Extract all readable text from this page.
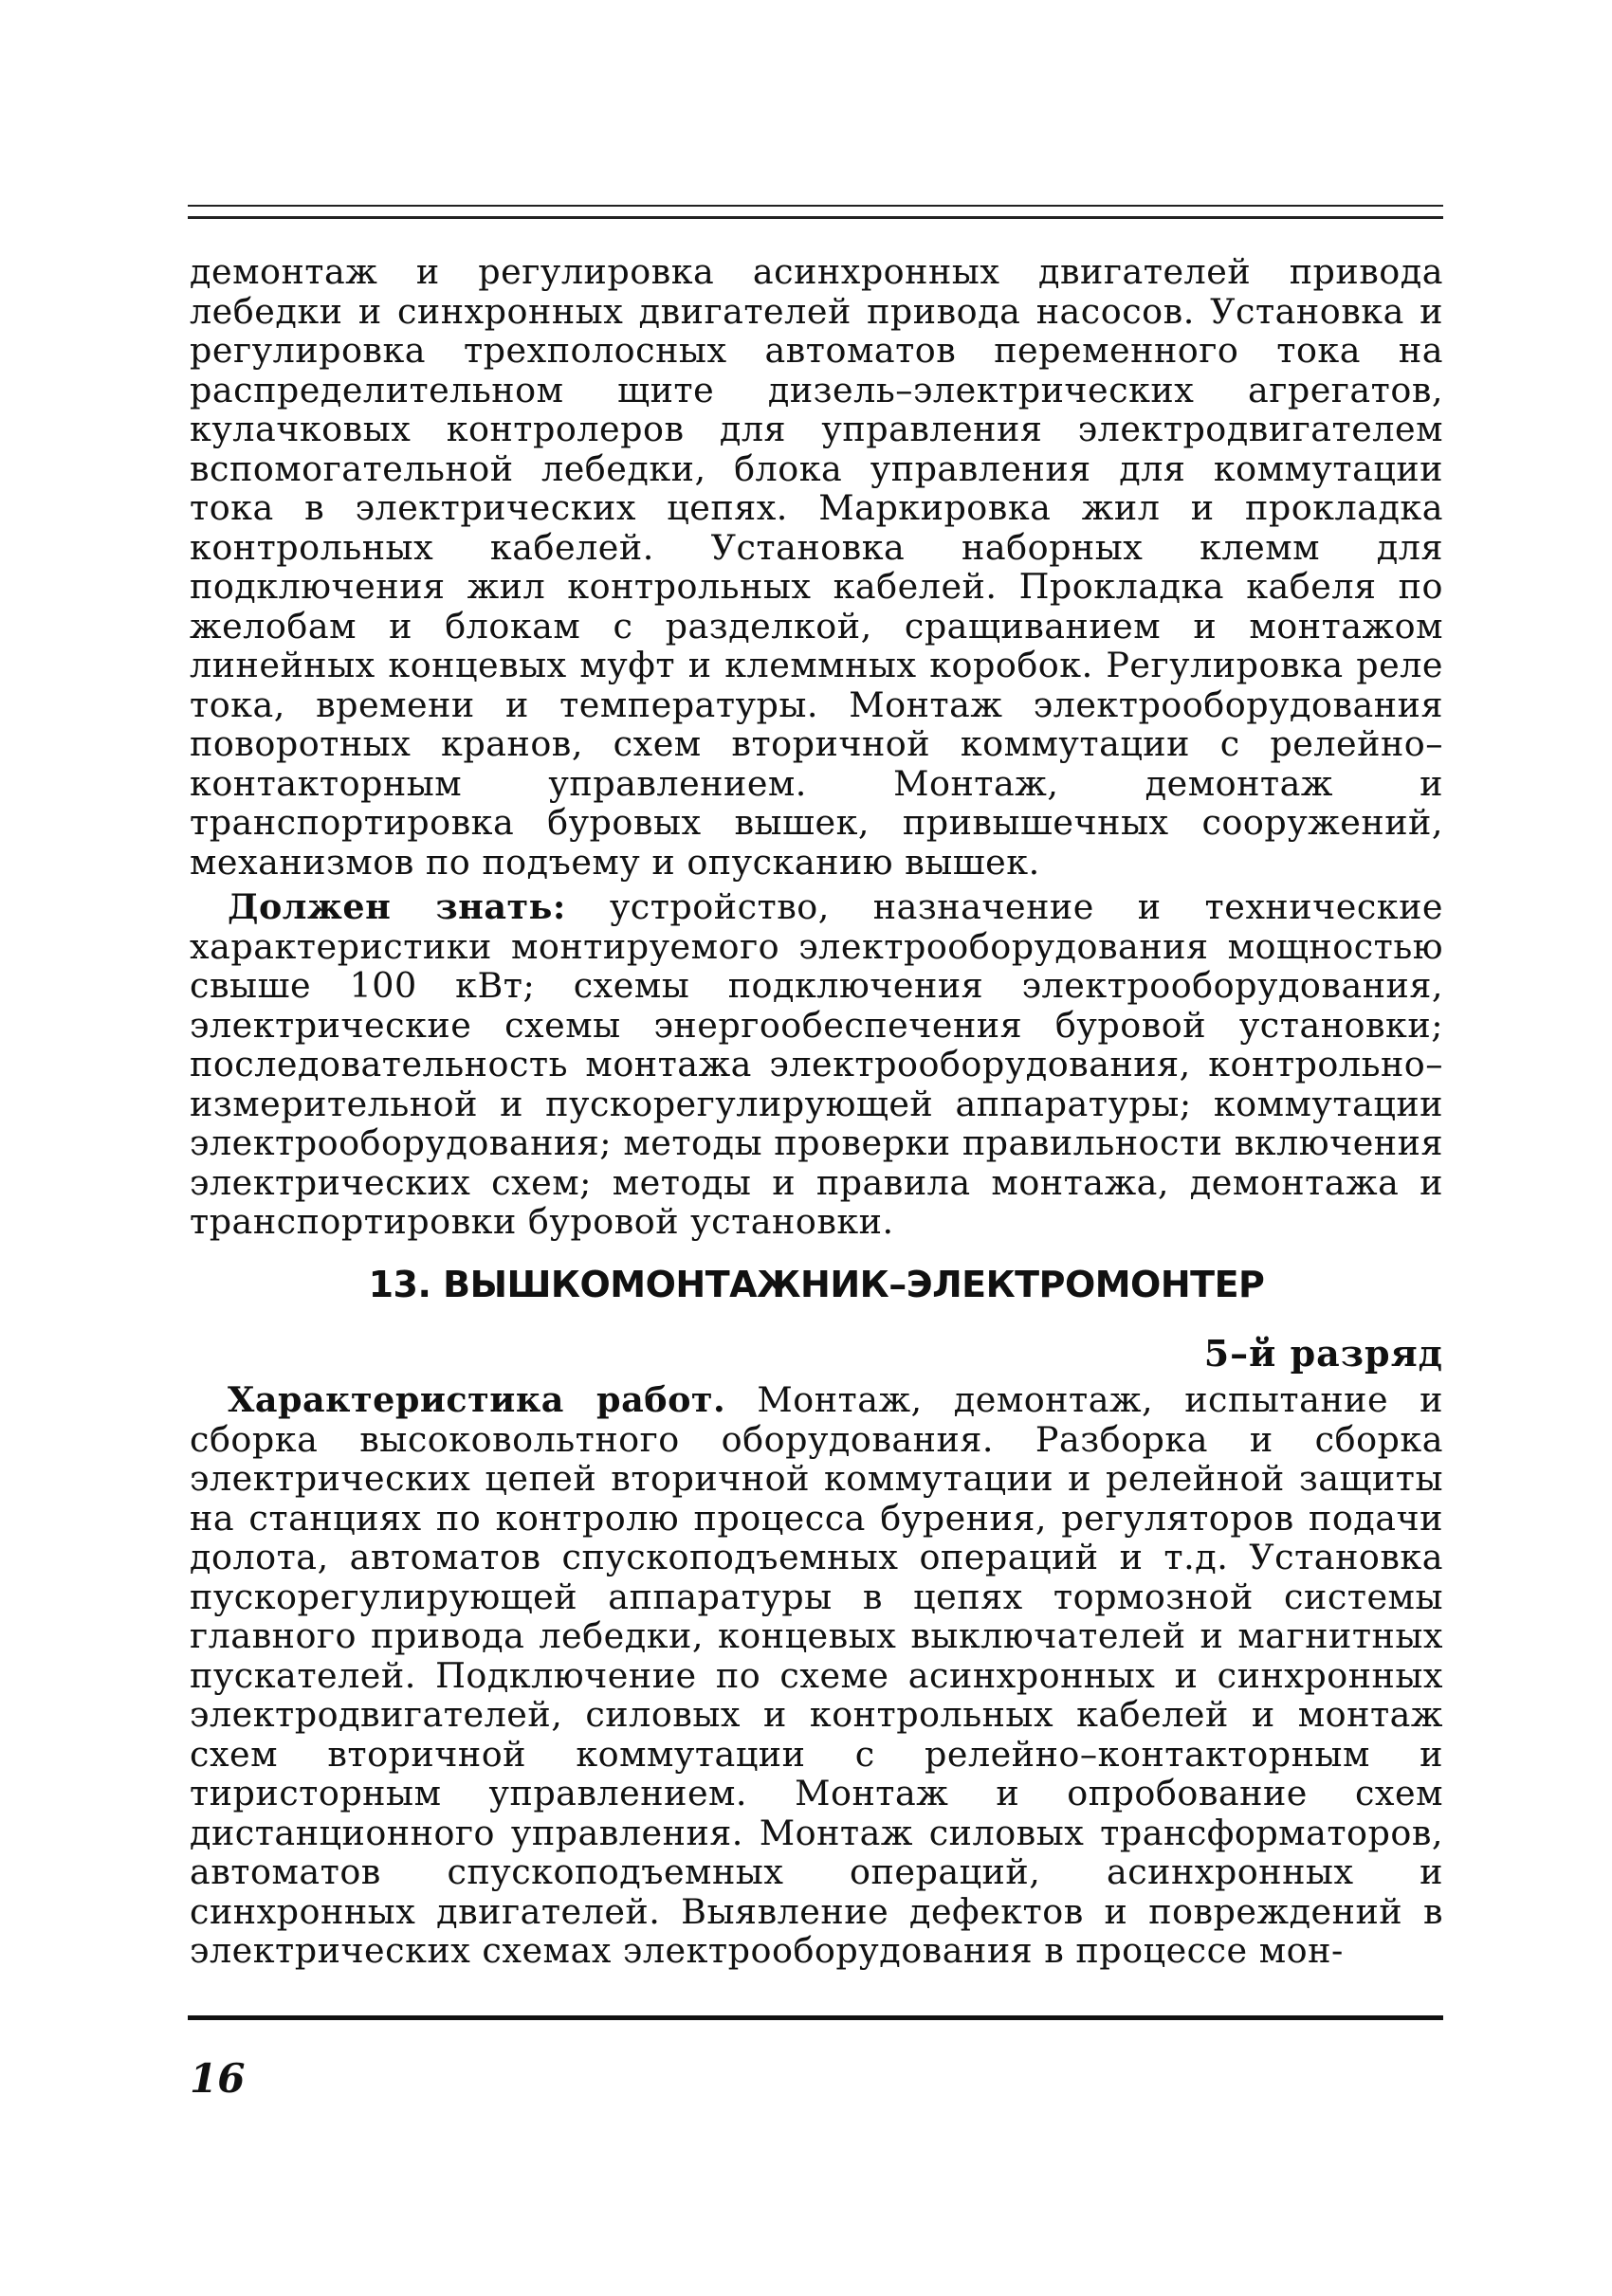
демонтаж и регулировка асинхронных двигателей привода лебедки и синхронных двигателей привода насосов. Установка и регулировка трехполосных автоматов переменного тока на распределительном щите дизель–электрических агрегатов, кулачковых контролеров для управления электродвигателем вспомогательной лебедки, блока управления для коммутации тока в электрических цепях. Маркировка жил и прокладка контрольных кабелей. Установка наборных клемм для подключения жил контрольных кабелей. Прокладка кабеля по желобам и блокам с разделкой, сращиванием и монтажом линейных концевых муфт и клеммных коробок. Регулировка реле тока, времени и температуры. Монтаж электрооборудования поворотных кранов, схем вторичной коммутации с релейно–контакторным управлением. Монтаж, демонтаж и транспортировка буровых вышек, привышечных сооружений, механизмов по подъему и опусканию вышек.

Должен знать: устройство, назначение и технические характеристики монтируемого электрооборудования мощностью свыше 100 кВт; схемы подключения электрооборудования, электрические схемы энергообеспечения буровой установки; последовательность монтажа электрооборудования, контрольно–измерительной и пускорегулирующей аппаратуры; коммутации электрооборудования; методы проверки правильности включения электрических схем; методы и правила монтажа, демонтажа и транспортировки буровой установки.

13. ВЫШКОМОНТАЖНИК–ЭЛЕКТРОМОНТЕР
5–й разряд

Характеристика работ. Монтаж, демонтаж, испытание и сборка высоковольтного оборудования. Разборка и сборка электрических цепей вторичной коммутации и релейной защиты на станциях по контролю процесса бурения, регуляторов подачи долота, автоматов спускоподъемных операций и т.д. Установка пускорегулирующей аппаратуры в цепях тормозной системы главного привода лебедки, концевых выключателей и магнитных пускателей. Подключение по схеме асинхронных и синхронных электродвигателей, силовых и контрольных кабелей и монтаж схем вторичной коммутации с релейно–контакторным и тиристорным управлением. Монтаж и опробование схем дистанционного управления. Монтаж силовых трансформаторов, автоматов спускоподъемных операций, асинхронных и синхронных двигателей. Выявление дефектов и повреждений в электрических схемах электрооборудования в процессе мон-

16
